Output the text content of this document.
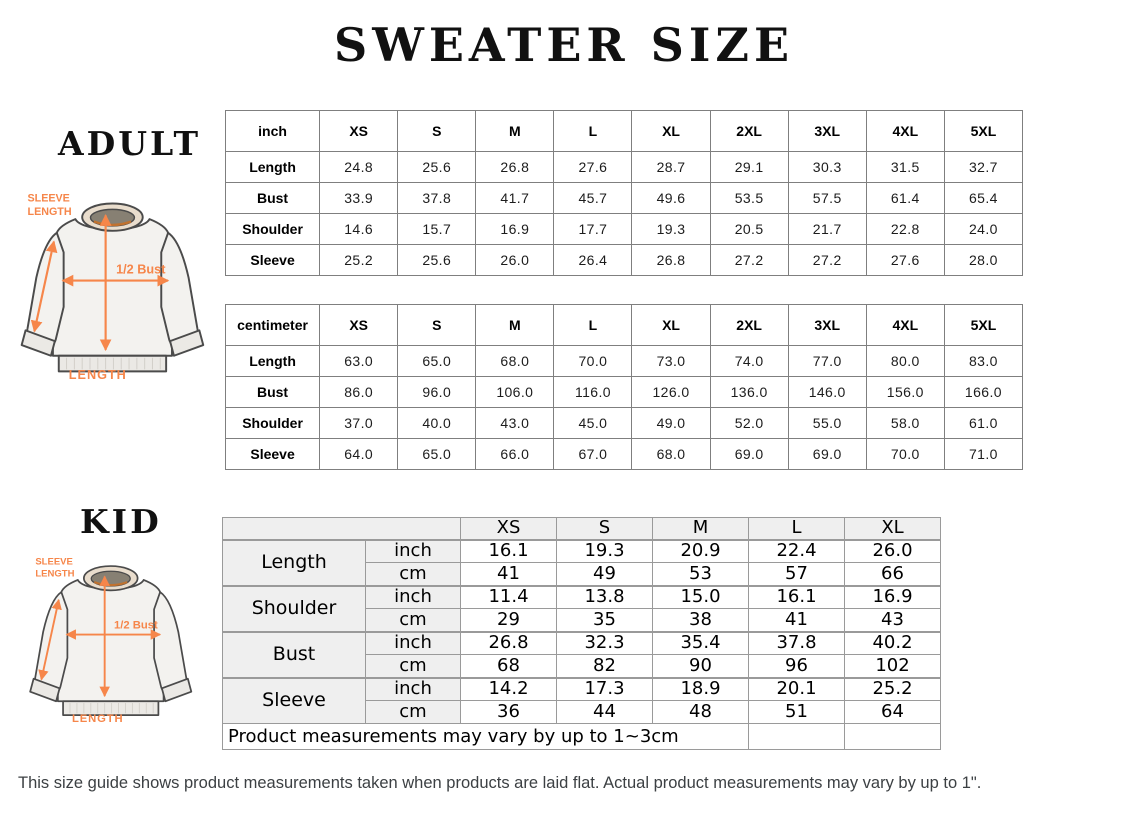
SWEATER SIZE
ADULT
SLEEVE
LENGTH
1/2 Bust
LENGTH
inch	XS	S	M	L	XL	2XL	3XL	4XL	5XL
Length	24.8	25.6	26.8	27.6	28.7	29.1	30.3	31.5	32.7
Bust	33.9	37.8	41.7	45.7	49.6	53.5	57.5	61.4	65.4
Shoulder	14.6	15.7	16.9	17.7	19.3	20.5	21.7	22.8	24.0
Sleeve	25.2	25.6	26.0	26.4	26.8	27.2	27.2	27.6	28.0
centimeter	XS	S	M	L	XL	2XL	3XL	4XL	5XL
Length	63.0	65.0	68.0	70.0	73.0	74.0	77.0	80.0	83.0
Bust	86.0	96.0	106.0	116.0	126.0	136.0	146.0	156.0	166.0
Shoulder	37.0	40.0	43.0	45.0	49.0	52.0	55.0	58.0	61.0
Sleeve	64.0	65.0	66.0	67.0	68.0	69.0	69.0	70.0	71.0
KID
SLEEVE
LENGTH
1/2 Bust
LENGTH
		XS	S	M	L	XL
Length	inch	16.1	19.3	20.9	22.4	26.0
	cm	41	49	53	57	66
Shoulder	inch	11.4	13.8	15.0	16.1	16.9
	cm	29	35	38	41	43
Bust	inch	26.8	32.3	35.4	37.8	40.2
	cm	68	82	90	96	102
Sleeve	inch	14.2	17.3	18.9	20.1	25.2
	cm	36	44	48	51	64
Product measurements may vary by up to 1~3cm						
This size guide shows product measurements taken when products are laid flat. Actual product measurements may vary by up to 1".
